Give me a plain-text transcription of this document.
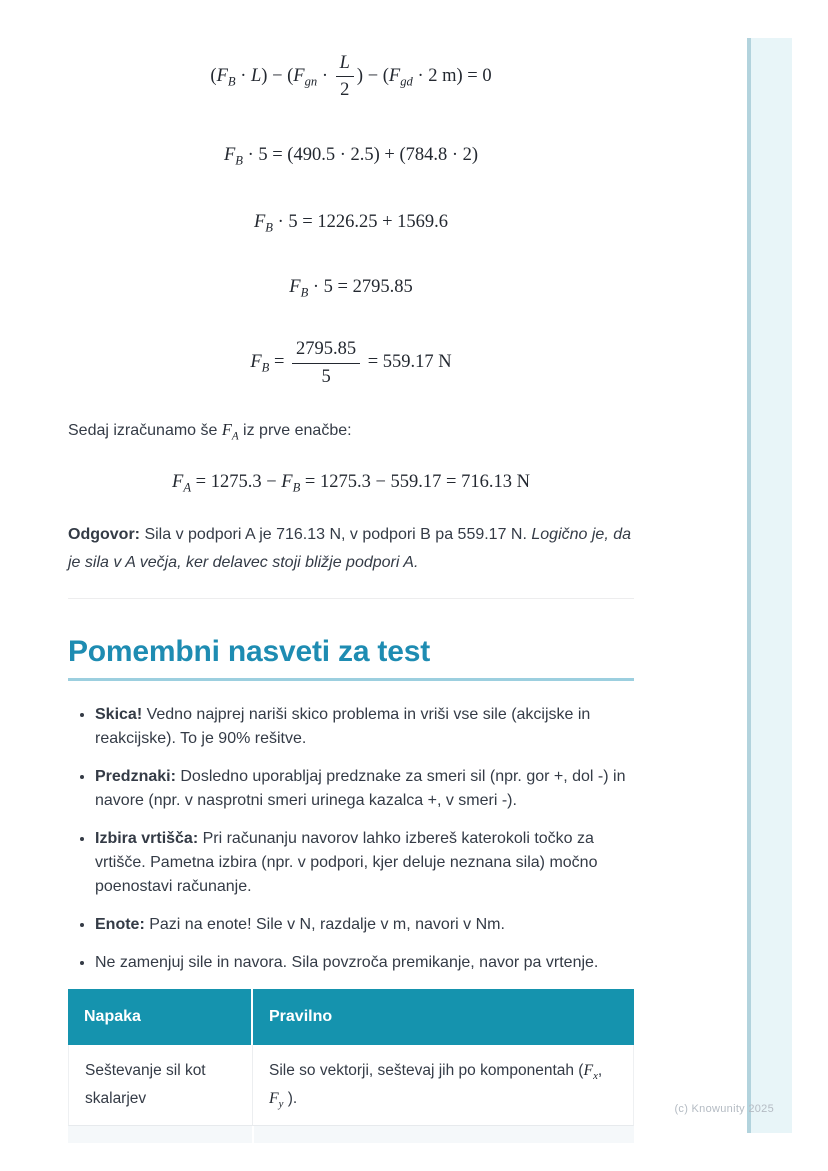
(c) Knowunity 2025
$(F_B \cdot L) - (F_{gn} \cdot \frac{L}{2}$ ) − ($F_{gd} \cdot 2$ m) = 0
$F_B \cdot 5 = (490.5 \cdot 2.5) + (784.8 \cdot 2)$
$F_B \cdot 5 = 1226.25 + 1569.6$
$F_B \cdot 5 = 2795.85$
$F_B = \frac{2795.85}{5} = 559.17$ N

Sedaj izračunamo še $F_A$ iz prve enačbe:

$F_A = 1275.3 - F_B = 1275.3 - 559.17 = 716.13$ N

Odgovor: Sila v podpori A je 716.13 N, v podpori B pa 559.17 N. Logično je, da je sila v A večja, ker delavec stoji bližje podpori A.

Pomembni nasveti za test
• Skica! Vedno najprej nariši skico problema in vriši vse sile (akcijske in reakcijske). To je 90% rešitve.
• Predznaki: Dosledno uporabljaj predznake za smeri sil (npr. gor +, dol -) in navore (npr. v nasprotni smeri urinega kazalca +, v smeri -).
• Izbira vrtišča: Pri računanju navorov lahko izbereš katerokoli točko za vrtišče. Pametna izbira (npr. v podpori, kjer deluje neznana sila) močno poenostavi računanje.
• Enote: Pazi na enote! Sile v N, razdalje v m, navori v Nm.
• Ne zamenjuj sile in navora. Sila povzroča premikanje, navor pa vrtenje.
Napaka	Pravilno
Seštevanje sil kot skalarjev	Sile so vektorji, seštevaj jih po komponentah ($F_x$, $F_y$ ).
